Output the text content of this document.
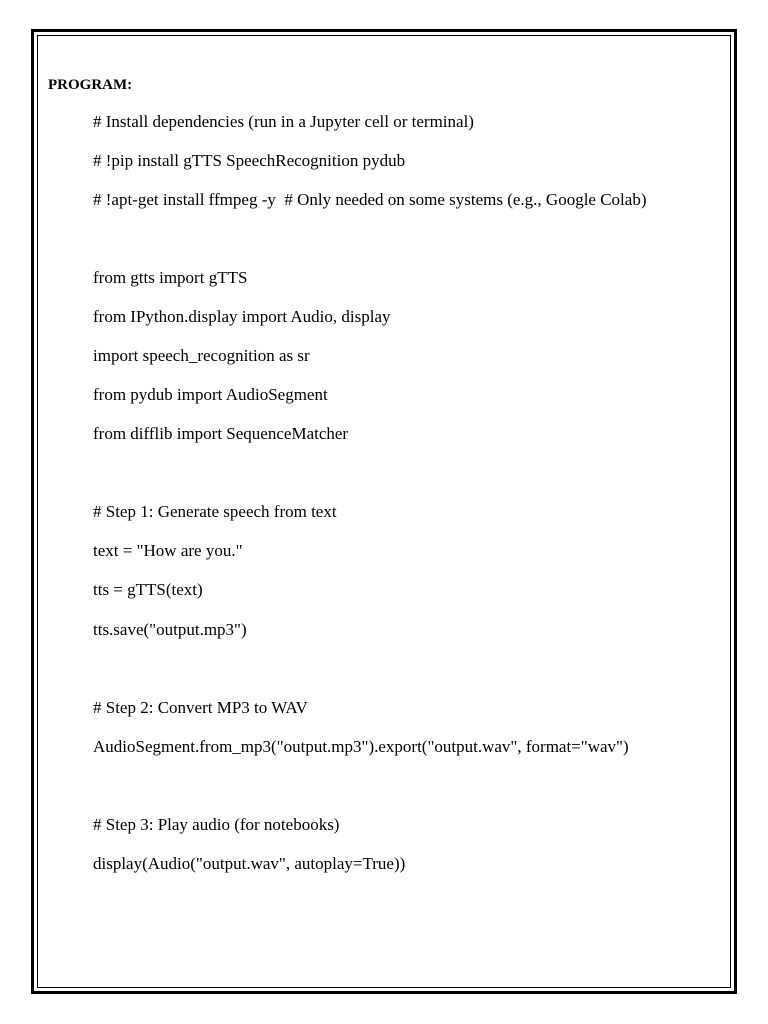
PROGRAM:
# Install dependencies (run in a Jupyter cell or terminal)
# !pip install gTTS SpeechRecognition pydub
# !apt-get install ffmpeg -y  # Only needed on some systems (e.g., Google Colab)
from gtts import gTTS
from IPython.display import Audio, display
import speech_recognition as sr
from pydub import AudioSegment
from difflib import SequenceMatcher
# Step 1: Generate speech from text
text = "How are you."
tts = gTTS(text)
tts.save("output.mp3")
# Step 2: Convert MP3 to WAV
AudioSegment.from_mp3("output.mp3").export("output.wav", format="wav")
# Step 3: Play audio (for notebooks)
display(Audio("output.wav", autoplay=True))
